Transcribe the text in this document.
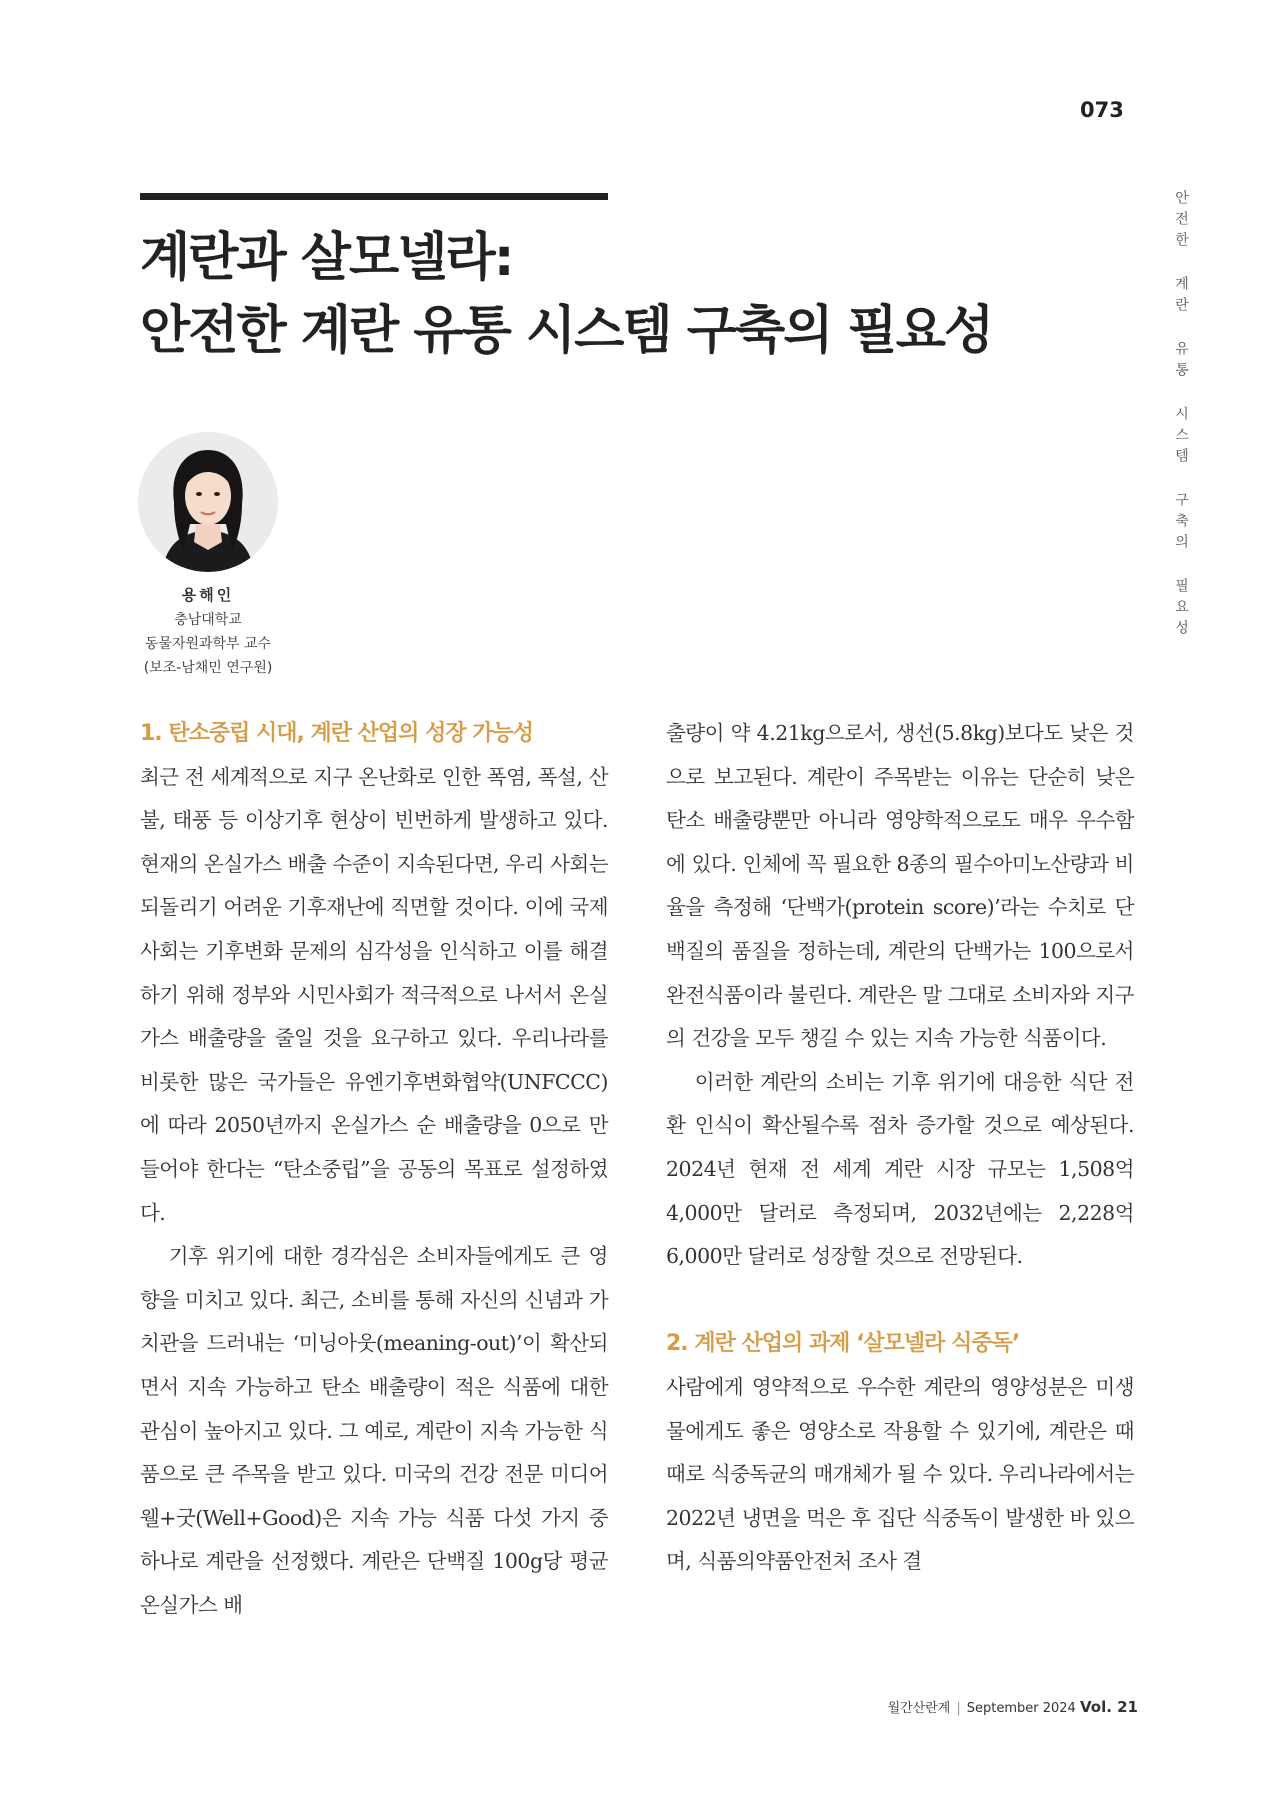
073
계란과 살모넬라:
안전한 계란 유통 시스템 구축의 필요성	안전한 계란 유통 시스템 구축의 필요성
용해인
충남대학교
동물자원과학부 교수
(보조-남채민 연구원)
1. 탄소중립 시대, 계란 산업의 성장 가능성

최근 전 세계적으로 지구 온난화로 인한 폭염, 폭설, 산불, 태풍 등 이상기후 현상이 빈번하게 발생하고 있다. 현재의 온실가스 배출 수준이 지속된다면, 우리 사회는 되돌리기 어려운 기후재난에 직면할 것이다. 이에 국제사회는 기후변화 문제의 심각성을 인식하고 이를 해결하기 위해 정부와 시민사회가 적극적으로 나서서 온실가스 배출량을 줄일 것을 요구하고 있다. 우리나라를 비롯한 많은 국가들은 유엔기후변화협약(UNFCCC)에 따라 2050년까지 온실가스 순 배출량을 0으로 만들어야 한다는 “탄소중립”을 공동의 목표로 설정하였다.

기후 위기에 대한 경각심은 소비자들에게도 큰 영향을 미치고 있다. 최근, 소비를 통해 자신의 신념과 가치관을 드러내는 ‘미닝아웃(meaning-out)’이 확산되면서 지속 가능하고 탄소 배출량이 적은 식품에 대한 관심이 높아지고 있다. 그 예로, 계란이 지속 가능한 식품으로 큰 주목을 받고 있다. 미국의 건강 전문 미디어 웰+굿(Well+Good)은 지속 가능 식품 다섯 가지 중 하나로 계란을 선정했다. 계란은 단백질 100g당 평균 온실가스 배

출량이 약 4.21kg으로서, 생선(5.8kg)보다도 낮은 것으로 보고된다. 계란이 주목받는 이유는 단순히 낮은 탄소 배출량뿐만 아니라 영양학적으로도 매우 우수함에 있다. 인체에 꼭 필요한 8종의 필수아미노산량과 비율을 측정해 ‘단백가(protein score)’라는 수치로 단백질의 품질을 정하는데, 계란의 단백가는 100으로서 완전식품이라 불린다. 계란은 말 그대로 소비자와 지구의 건강을 모두 챙길 수 있는 지속 가능한 식품이다.

이러한 계란의 소비는 기후 위기에 대응한 식단 전환 인식이 확산될수록 점차 증가할 것으로 예상된다. 2024년 현재 전 세계 계란 시장 규모는 1,508억 4,000만 달러로 측정되며, 2032년에는 2,228억 6,000만 달러로 성장할 것으로 전망된다.

2. 계란 산업의 과제 ‘살모넬라 식중독’

사람에게 영약적으로 우수한 계란의 영양성분은 미생물에게도 좋은 영양소로 작용할 수 있기에, 계란은 때때로 식중독균의 매개체가 될 수 있다. 우리나라에서는 2022년 냉면을 먹은 후 집단 식중독이 발생한 바 있으며, 식품의약품안전처 조사 결

월간산란계 | September 2024 Vol. 21
